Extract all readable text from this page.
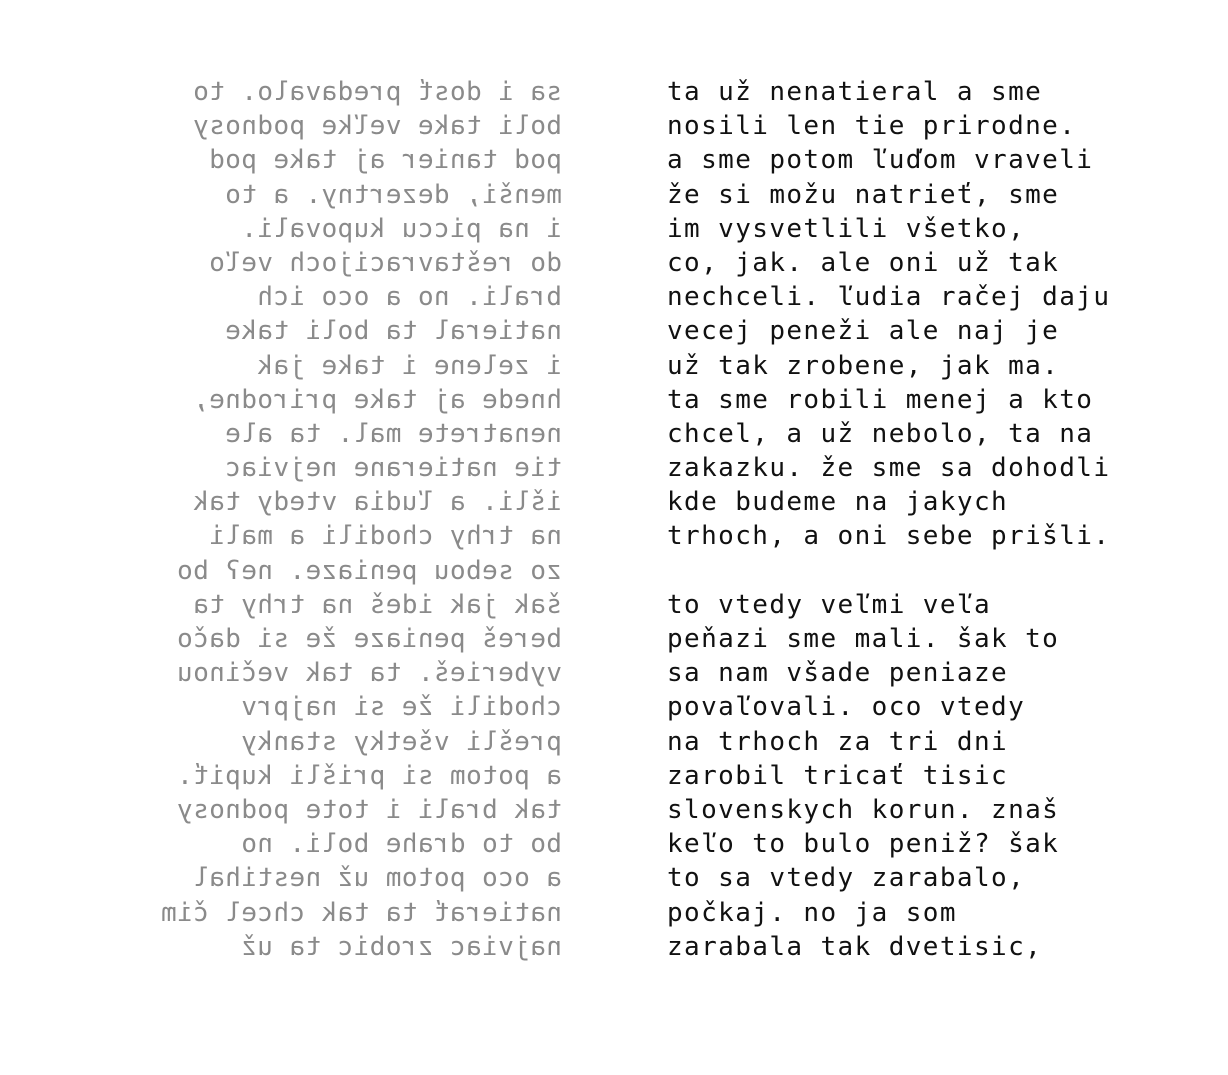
sa i dosť predavalo. to
boli take veľke podnosy
pod tanier aj take pod
menši, dezertny. a to
i na piccu kupovali.
do reštavracijoch veľo
brali. no a oco ich
natieral ta boli take
i zelene i take jak
hnede aj take prirodne,
nenatrete mal. ta ale
tie natierane nejviac
išli. a ľudia vtedy tak
na trhy chodili a mali
zo sebou peniaze. neʔ bo
šak jak ideš na trhy ta
bereš peniaze že si dačo
vyberieš. ta tak večinou
chodili že si najprv
prešli všetky stanky
a potom si prišli kupiť.
tak brali i tote podnosy
bo to drahe boli. no
a oco potom už nestihal
natierať ta tak chcel čim
najviac zrobic ta už
ta už nenatieral a sme
nosili len tie prirodne.
a sme potom ľuďom vraveli
že si možu natrieť, sme
im vysvetlili všetko,
co, jak. ale oni už tak
nechceli. ľudia račej daju
vecej peneži ale naj je
už tak zrobene, jak ma.
ta sme robili menej a kto
chcel, a už nebolo, ta na
zakazku. že sme sa dohodli
kde budeme na jakych
trhoch, a oni sebe prišli.

to vtedy veľmi veľa
peňazi sme mali. šak to
sa nam všade peniaze
povaľovali. oco vtedy
na trhoch za tri dni
zarobil tricať tisic
slovenskych korun. znaš
keľo to bulo peniž? šak
to sa vtedy zarabalo,
počkaj. no ja som
zarabala tak dvetisic,
